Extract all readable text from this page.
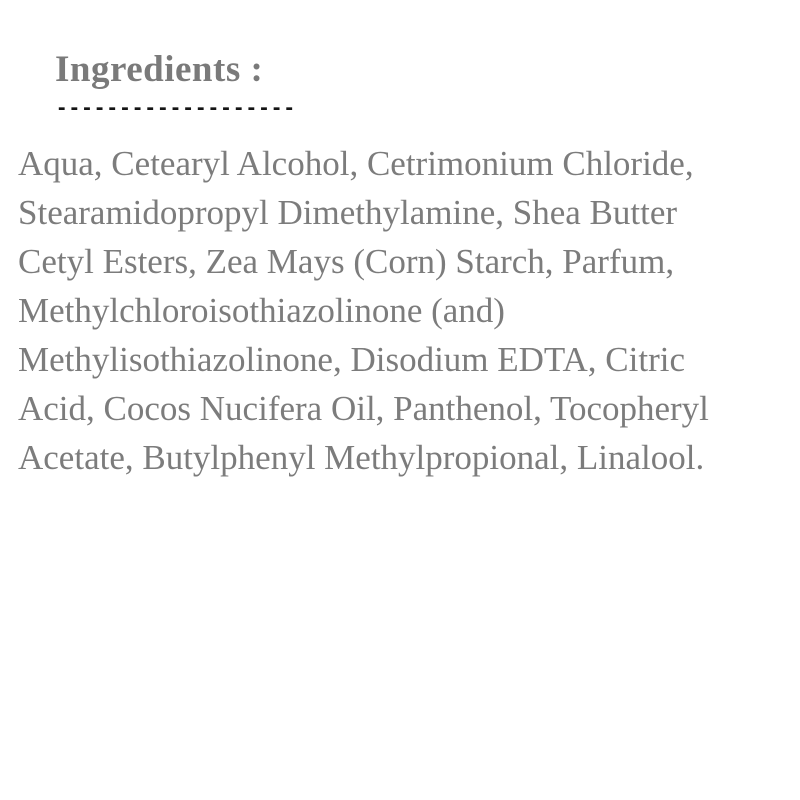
Ingredients :
-------------------

Aqua, Cetearyl Alcohol, Cetrimonium Chloride, Stearamidopropyl Dimethylamine, Shea Butter Cetyl Esters, Zea Mays (Corn) Starch, Parfum, Methylchloroisothiazolinone (and) Methylisothiazolinone, Disodium EDTA, Citric Acid, Cocos Nucifera Oil, Panthenol, Tocopheryl Acetate, Butylphenyl Methylpropional, Linalool.
